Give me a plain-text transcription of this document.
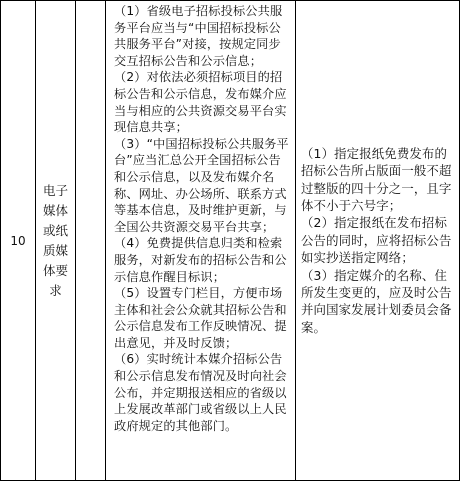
10
电子媒体或纸质媒体要求

（1）省级电子招标投标公共服务平台应当与“中国招标投标公共服务平台”对接，按规定同步交互招标公告和公示信息；

（2）对依法必须招标项目的招标公告和公示信息，发布媒介应当与相应的公共资源交易平台实现信息共享；

（3）“中国招标投标公共服务平台”应当汇总公开全国招标公告和公示信息，以及发布媒介名称、网址、办公场所、联系方式等基本信息，及时维护更新，与全国公共资源交易平台共享；

（4）免费提供信息归类和检索服务，对新发布的招标公告和公示信息作醒目标识；

（5）设置专门栏目，方便市场主体和社会公众就其招标公告和公示信息发布工作反映情况、提出意见，并及时反馈；

（6）实时统计本媒介招标公告和公示信息发布情况及时向社会公布，并定期报送相应的省级以上发展改革部门或省级以上人民政府规定的其他部门。

（1）指定报纸免费发布的招标公告所占版面一般不超过整版的四十分之一，且字体不小于六号字；

（2）指定报纸在发布招标公告的同时，应将招标公告如实抄送指定网络；

（3）指定媒介的名称、住所发生变更的，应及时公告并向国家发展计划委员会备案。
